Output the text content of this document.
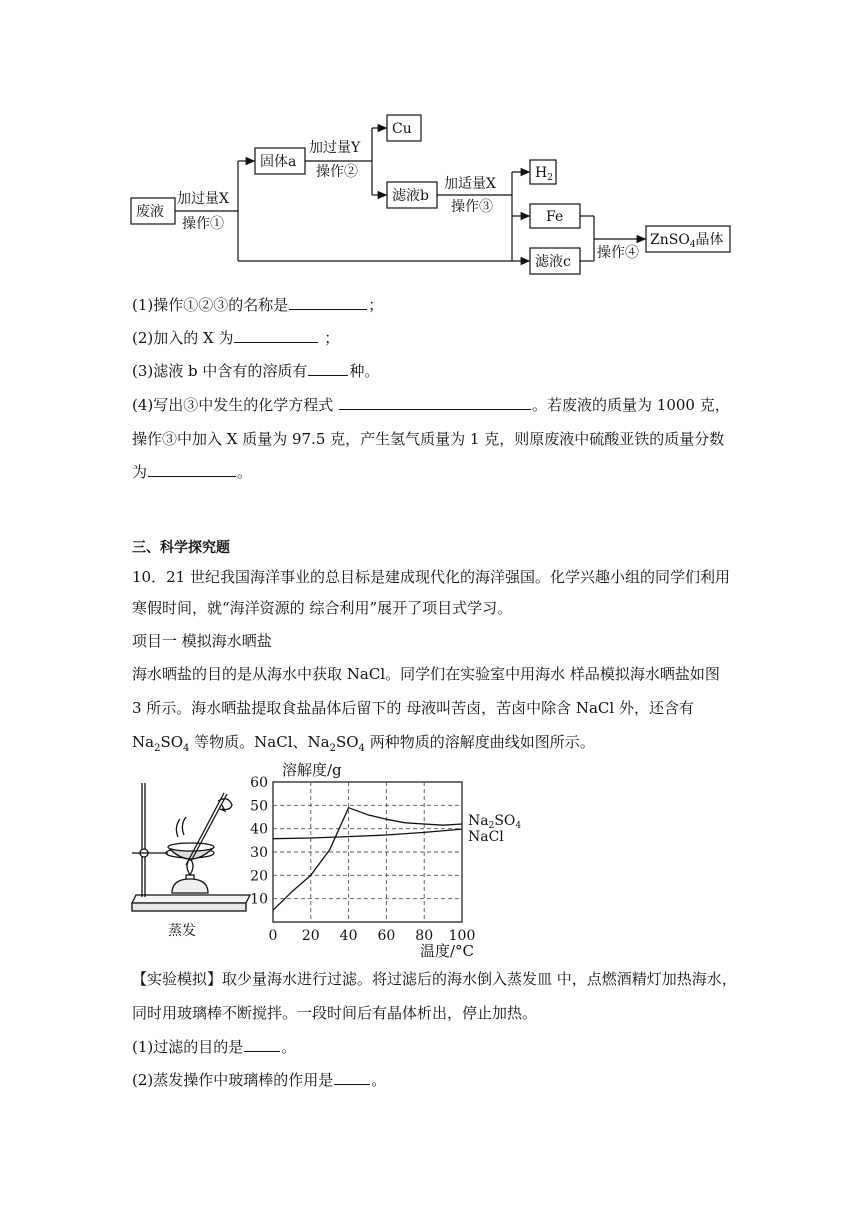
废液
加过量X
操作①
固体a
加过量Y
操作②
Cu
滤液b
加适量X
操作③
$H_2$
Fe
滤液c
操作④
ZnSO$_4$晶体
(1)操作①②③的名称是	；
(2)加入的 X 为	；
(3)滤液 b 中含有的溶质有	种。
(4)写出③中发生的化学方程式	。若废液的质量为 1000 克，
操作③中加入 X 质量为 97.5 克，产生氢气质量为 1 克，则原废液中硫酸亚铁的质量分数
为	。
三、科学探究题
10．21 世纪我国海洋事业的总目标是建成现代化的海洋强国。化学兴趣小组的同学们利用
寒假时间，就“海洋资源的 综合利用”展开了项目式学习。
项目一 模拟海水晒盐
海水晒盐的目的是从海水中获取 NaCl。同学们在实验室中用海水 样品模拟海水晒盐如图
3 所示。海水晒盐提取食盐晶体后留下的 母液叫苦卤，苦卤中除含 NaCl 外，还含有
$Na_2SO_4$ 等物质。NaCl、$Na_2SO_4$ 两种物质的溶解度曲线如图所示。
蒸发
溶解度/g
温度/°C
0 20 40 60 80 100
10
20
30
40
50
60
$Na_2SO_4$
NaCl
【实验模拟】取少量海水进行过滤。将过滤后的海水倒入蒸发皿 中，点燃酒精灯加热海水，
同时用玻璃棒不断搅拌。一段时间后有晶体析出，停止加热。
(1)过滤的目的是	。
(2)蒸发操作中玻璃棒的作用是	。
